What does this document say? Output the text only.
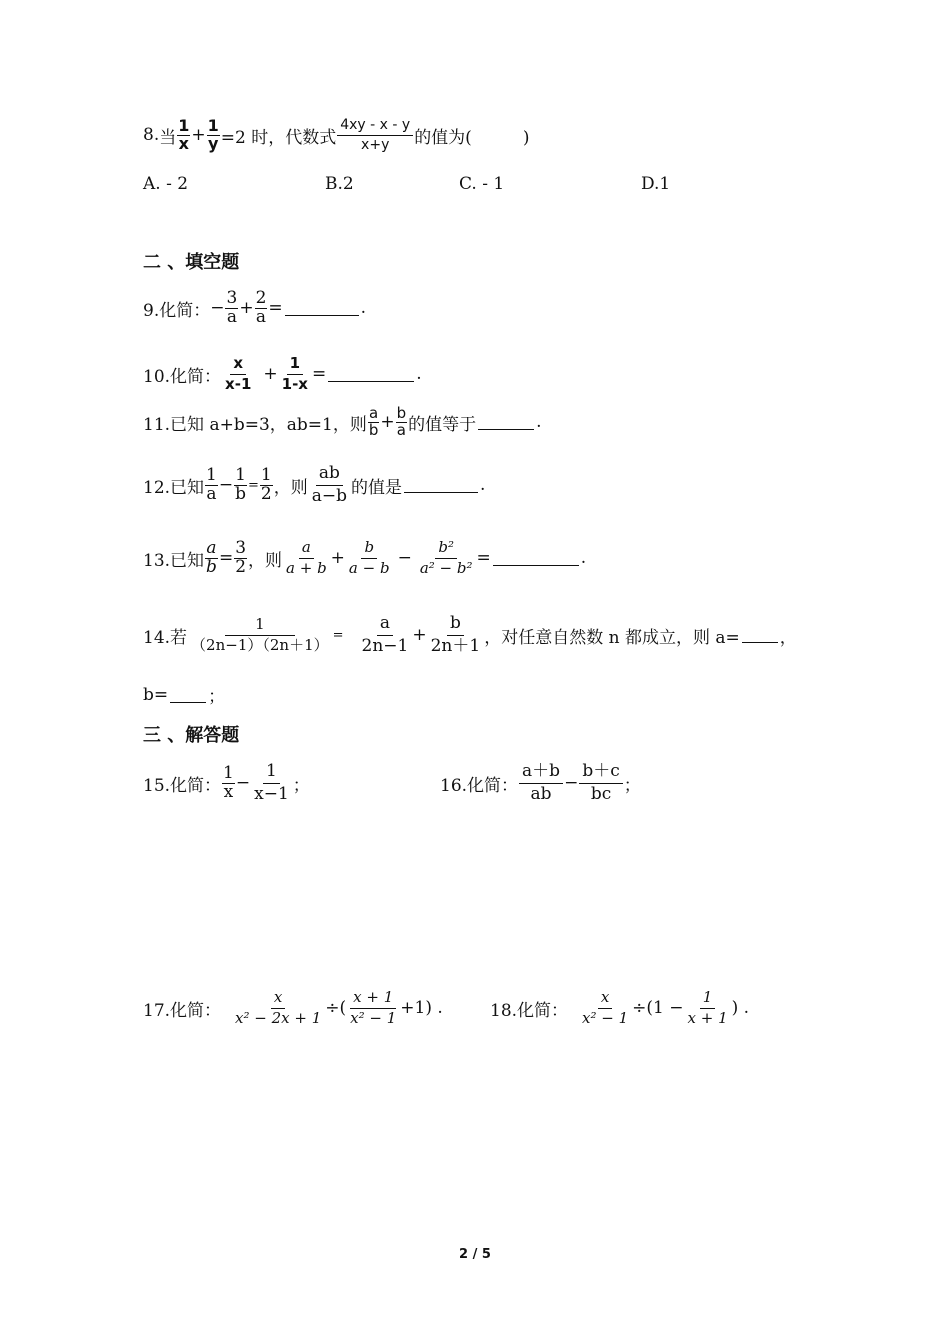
8. 当 $\frac{1}{x} + \frac{1}{y} =2$ 时，代数式 $\frac{4xy - x - y}{x+y}$ 的值为(　　　)
A. - 2	B.2	C. - 1	D.1
二 、填空题
9.化简： − $\frac{3}{a} + \frac{2}{a}$ =	.
10.化简： $\frac{x}{x-1} + \frac{1}{1-x}$ =	.
11.已知 a+b=3，ab=1，则 $\frac{a}{b} + \frac{b}{a}$ 的值等于	.
12.已知 $\frac{1}{a} - \frac{1}{b} = \frac{1}{2}$ ，则 $\frac{ab}{a-b}$ 的值是	.
13.已知 $\frac{a}{b} = \frac{3}{2}$ ，则 $\frac{a}{a + b} + \frac{b}{a - b} - \frac{\text{b²}}{\text{a² − b²}}$ =	.
14.若 $\frac{1}{(2n-1)(2n+1)} = \frac{a}{2n-1} + \frac{b}{2n+1}$ ，对任意自然数 n 都成立，则 a= ，
b= ；
三 、解答题
15.化简： $\frac{1}{x} - \frac{1}{x-1}$ ；	16.化简： $\frac{a+b}{ab} - \frac{b+c}{bc}$ ；
17.化简： $\frac{x}{\text{x² − 2x + 1}}$ ÷( $\frac{x + 1}{\text{x² − 1}} +1$) .	18.化简： $\frac{x}{\text{x² − 1}} \div(1 - \frac{1}{x + 1}$ ) .
2 / 5
